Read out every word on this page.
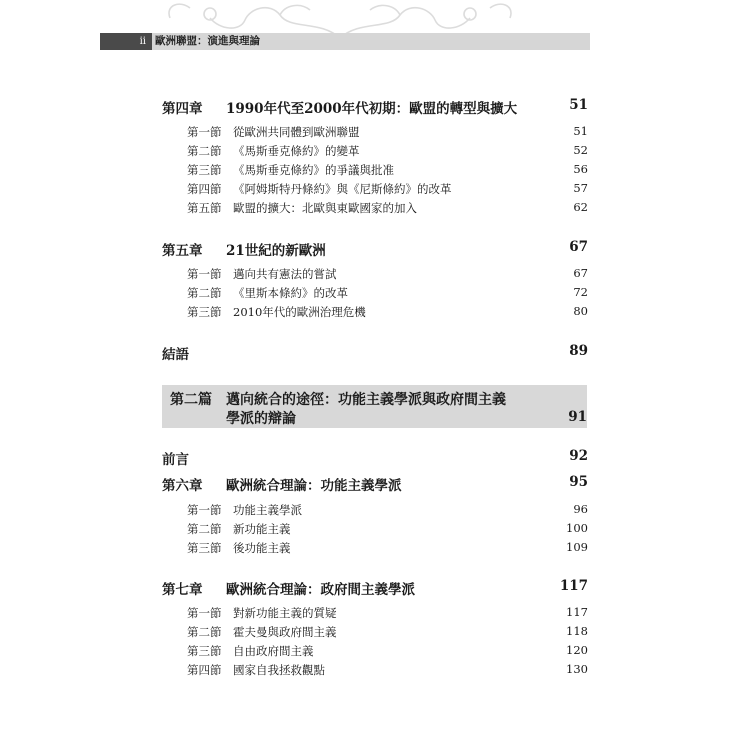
ii 歐洲聯盟：演進與理論
第四章 1990年代至2000年代初期：歐盟的轉型與擴大	51
第一節 從歐洲共同體到歐洲聯盟	51
第二節 《馬斯垂克條約》的變革	52
第三節 《馬斯垂克條約》的爭議與批准	56
第四節 《阿姆斯特丹條約》與《尼斯條約》的改革	57
第五節 歐盟的擴大：北歐與東歐國家的加入	62
第五章 21世紀的新歐洲	67
第一節 邁向共有憲法的嘗試	67
第二節 《里斯本條約》的改革	72
第三節 2010年代的歐洲治理危機	80
結語	89
第二篇 邁向統合的途徑：功能主義學派與政府間主義
學派的辯論	91
前言	92
第六章 歐洲統合理論：功能主義學派	95
第一節 功能主義學派	96
第二節 新功能主義	100
第三節 後功能主義	109
第七章 歐洲統合理論：政府間主義學派	117
第一節 對新功能主義的質疑	117
第二節 霍夫曼與政府間主義	118
第三節 自由政府間主義	120
第四節 國家自我拯救觀點	130
